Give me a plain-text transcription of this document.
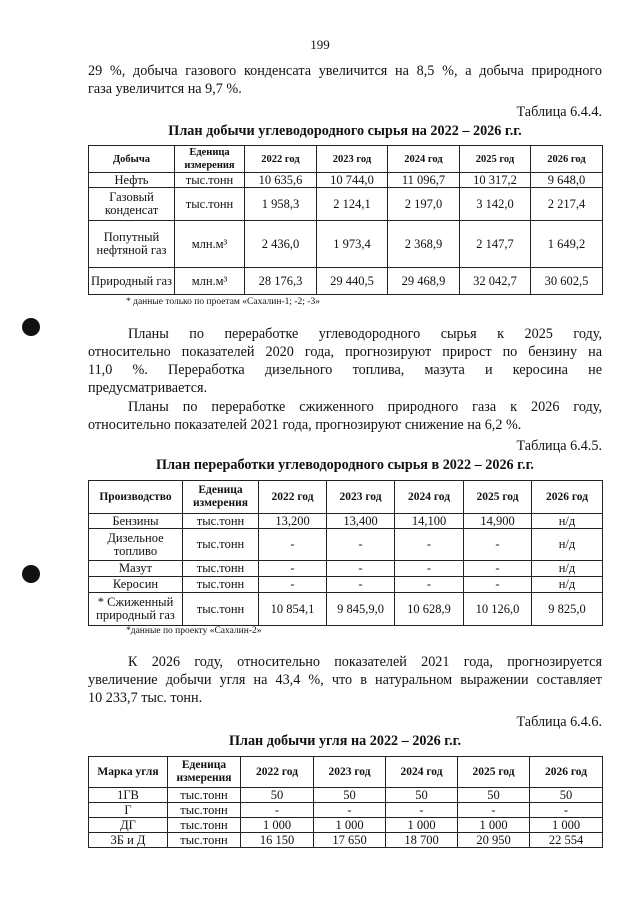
199
29 %, добыча газового конденсата увеличится на 8,5 %, а добыча природного
газа увеличится на 9,7 %.
Таблица 6.4.4.
План добычи углеводородного сырья на 2022 – 2026 г.г.
Добыча	Еденица измерения	2022 год	2023 год	2024 год	2025 год	2026 год
Нефть	тыс.тонн	10 635,6	10 744,0	11 096,7	10 317,2	9 648,0
Газовый конденсат	тыс.тонн	1 958,3	2 124,1	2 197,0	3 142,0	2 217,4
Попутный нефтяной газ	млн.м³	2 436,0	1 973,4	2 368,9	2 147,7	1 649,2
Природный газ	млн.м³	28 176,3	29 440,5	29 468,9	32 042,7	30 602,5
* данные только по проетам «Сахалин-1; -2; -3»
Планы по переработке углеводородного сырья к 2025 году,
относительно показателей 2020 года, прогнозируют прирост по бензину на
11,0 %. Переработка дизельного топлива, мазута и керосина не
предусматривается.
Планы по переработке сжиженного природного газа к 2026 году,
относительно показателей 2021 года, прогнозируют снижение на 6,2 %.
Таблица 6.4.5.
План переработки углеводородного сырья в 2022 – 2026 г.г.
Производство	Еденица измерения	2022 год	2023 год	2024 год	2025 год	2026 год
Бензины	тыс.тонн	13,200	13,400	14,100	14,900	н/д
Дизельное топливо	тыс.тонн	-	-	-	-	н/д
Мазут	тыс.тонн	-	-	-	-	н/д
Керосин	тыс.тонн	-	-	-	-	н/д
* Сжиженный природный газ	тыс.тонн	10 854,1	9 845,9,0	10 628,9	10 126,0	9 825,0
*данные по проекту «Сахалин-2»
К 2026 году, относительно показателей 2021 года, прогнозируется
увеличение добычи угля на 43,4 %, что в натуральном выражении составляет
10 233,7 тыс. тонн.
Таблица 6.4.6.
План добычи угля на 2022 – 2026 г.г.
Марка угля	Еденица измерения	2022 год	2023 год	2024 год	2025 год	2026 год
1ГВ	тыс.тонн	50	50	50	50	50
Г	тыс.тонн	-	-	-	-	-
ДГ	тыс.тонн	1 000	1 000	1 000	1 000	1 000
3Б и Д	тыс.тонн	16 150	17 650	18 700	20 950	22 554
